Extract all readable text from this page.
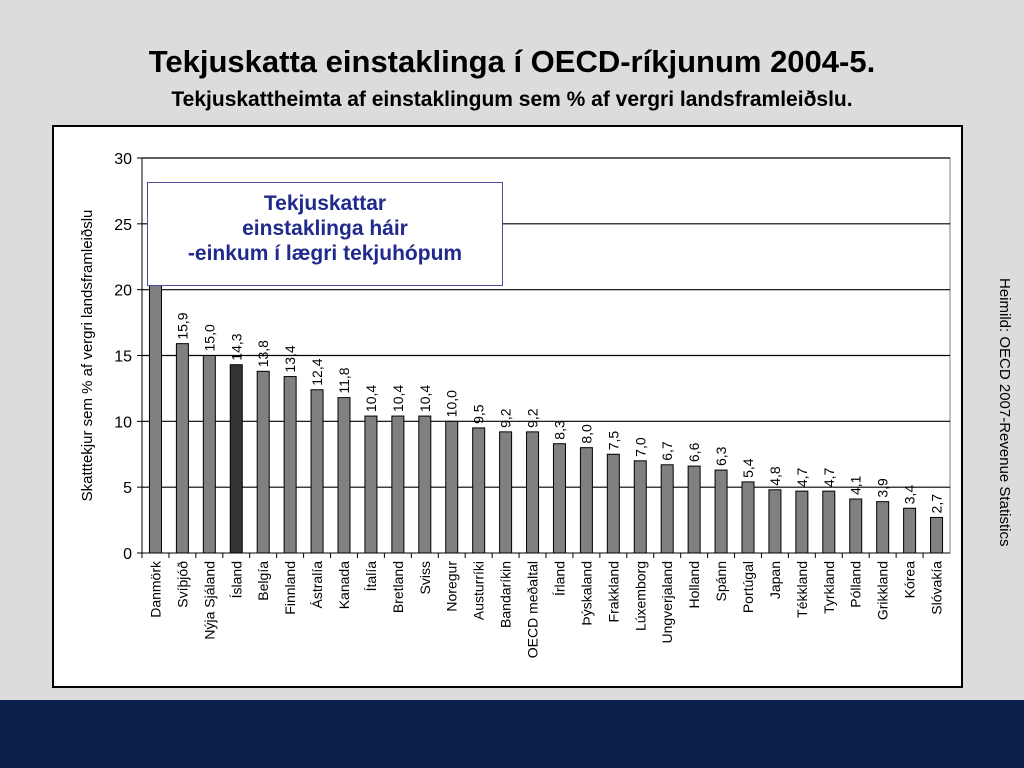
Tekjuskatta einstaklinga í OECD-ríkjunum 2004-5.
Tekjuskattheimta af einstaklingum sem % af vergri landsframleiðslu.
0
5
10
15
20
25
30
Skatttekjur sem % af vergri landsframleiðslu
Danmörk
15,9
Svíþjóð
15,0
Nýja Sjáland
14,3
Ísland
13,8
Belgía
13,4
Finnland
12,4
Ástralía
11,8
Kanada
10,4
Ítalía
10,4
Bretland
10,4
Sviss
10,0
Noregur
9,5
Austurríki
9,2
Bandaríkin
9,2
OECD meðaltal
8,3
Írland
8,0
Þýskaland
7,5
Frakkland
7,0
Lúxemborg
6,7
Ungverjaland
6,6
Holland
6,3
Spánn
5,4
Portúgal
4,8
Japan
4,7
Tékkland
4,7
Tyrkland
4,1
Pólland
3,9
Grikkland
3,4
Kórea
2,7
Slóvakía
Tekjuskattar
einstaklinga háir
-einkum í lægri tekjuhópum
Heimild: OECD 2007-Revenue Statistics
